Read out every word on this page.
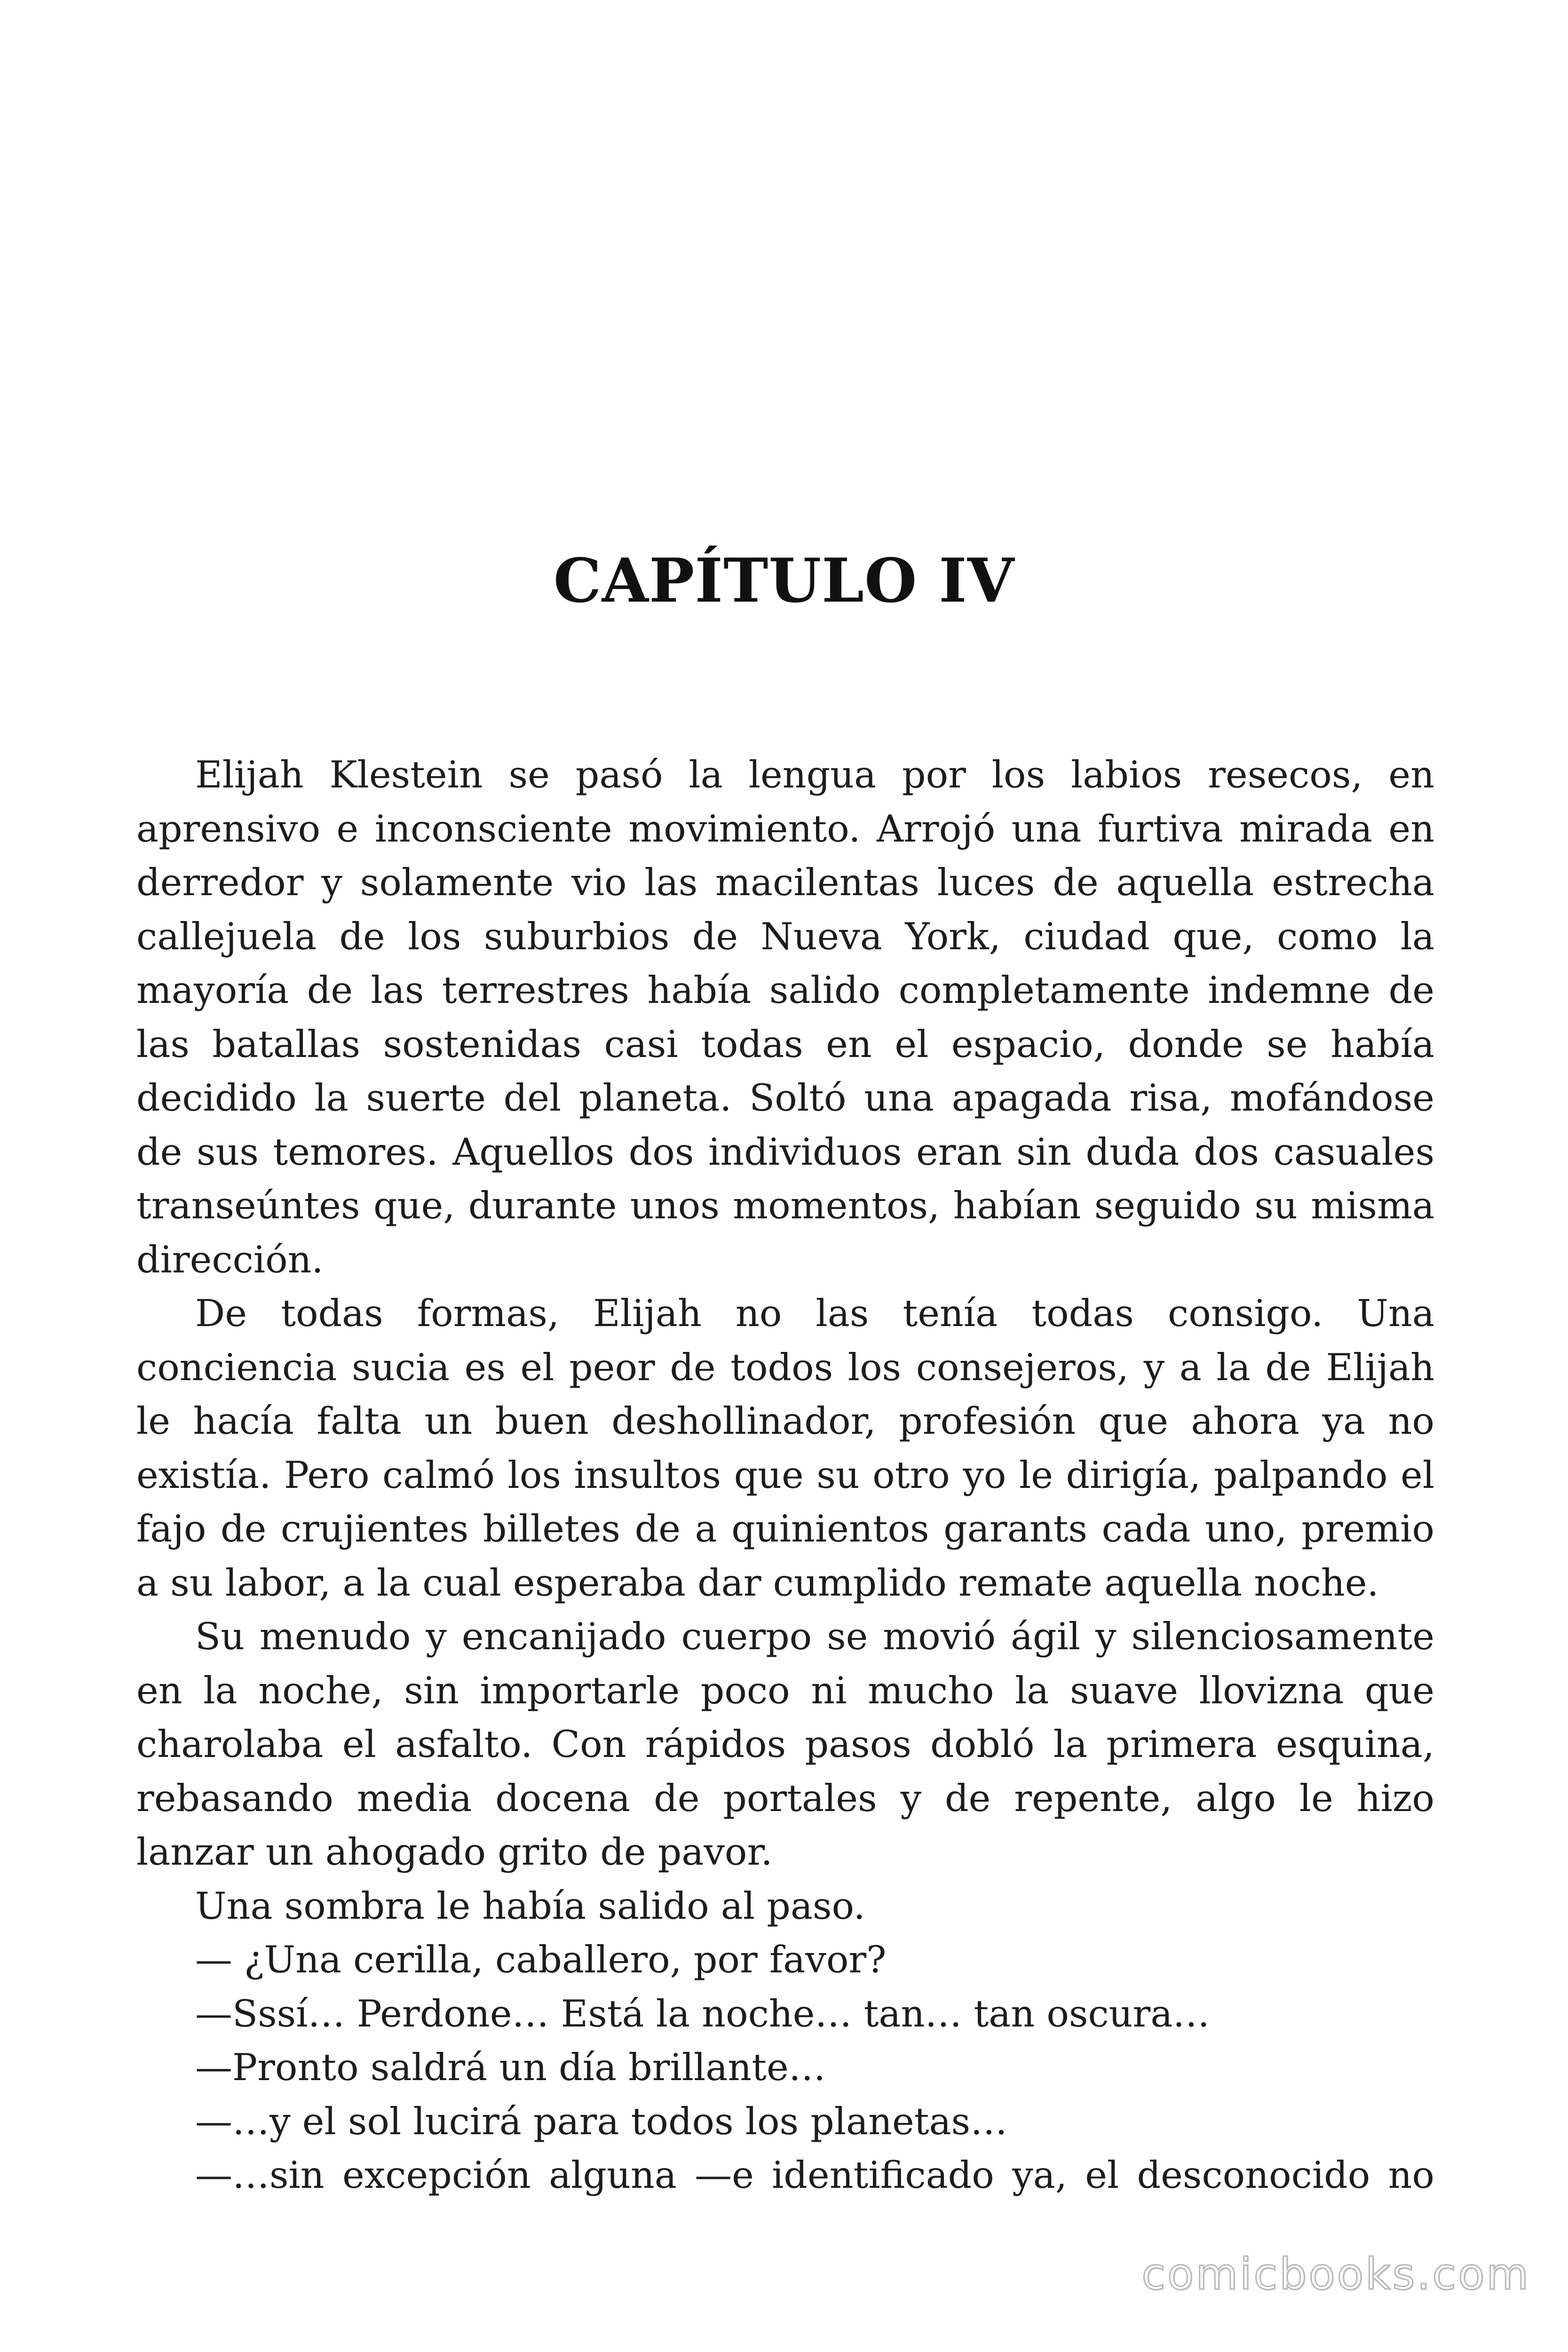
CAPÍTULO IV

Elijah Klestein se pasó la lengua por los labios resecos, en aprensivo e inconsciente movimiento. Arrojó una furtiva mirada en derredor y solamente vio las macilentas luces de aquella estrecha callejuela de los suburbios de Nueva York, ciudad que, como la mayoría de las terrestres había salido completamente indemne de las batallas sostenidas casi todas en el espacio, donde se había decidido la suerte del planeta. Soltó una apagada risa, mofándose de sus temores. Aquellos dos individuos eran sin duda dos casuales transeúntes que, durante unos momentos, habían seguido su misma dirección.

De todas formas, Elijah no las tenía todas consigo. Una conciencia sucia es el peor de todos los consejeros, y a la de Elijah le hacía falta un buen deshollinador, profesión que ahora ya no existía. Pero calmó los insultos que su otro yo le dirigía, palpando el fajo de crujientes billetes de a quinientos garants cada uno, premio a su labor, a la cual esperaba dar cumplido remate aquella noche.

Su menudo y encanijado cuerpo se movió ágil y silenciosamente en la noche, sin importarle poco ni mucho la suave llovizna que charolaba el asfalto. Con rápidos pasos dobló la primera esquina, rebasando media docena de portales y de repente, algo le hizo lanzar un ahogado grito de pavor.

Una sombra le había salido al paso.

— ¿Una cerilla, caballero, por favor?

—Sssí… Perdone… Está la noche… tan… tan oscura…

—Pronto saldrá un día brillante…

—…y el sol lucirá para todos los planetas…

—…sin excepción alguna —e identificado ya, el desconocido no

comicbooks.com
